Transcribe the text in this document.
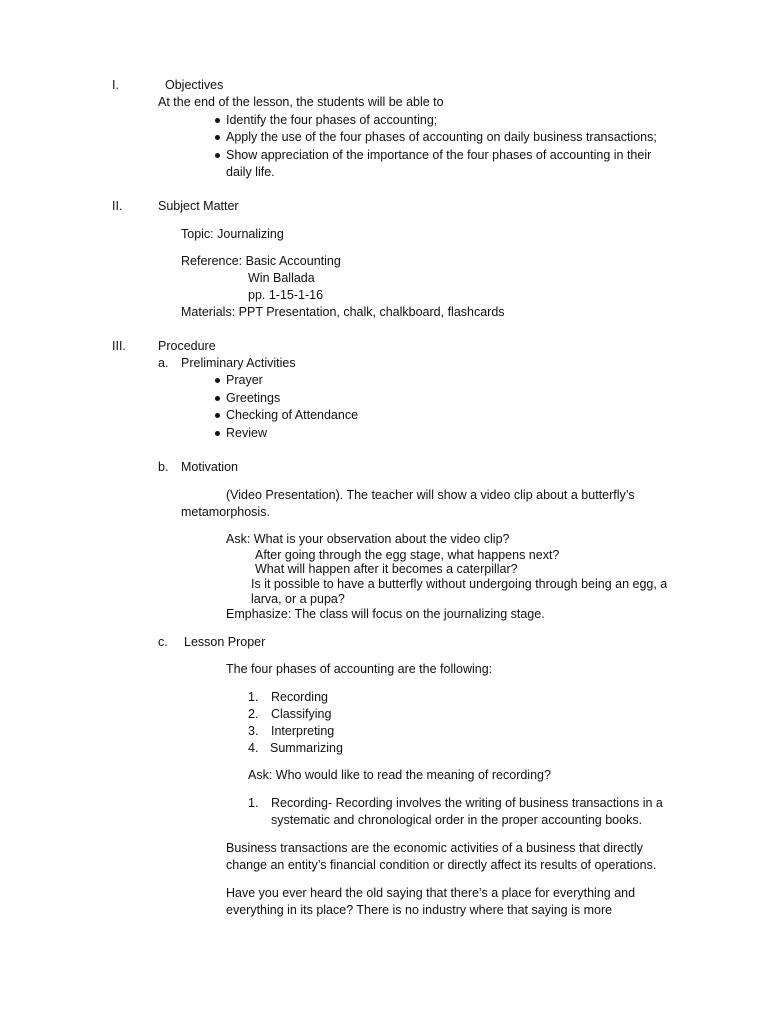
I.	Objectives
At the end of the lesson, the students will be able to
Identify the four phases of accounting;
Apply the use of the four phases of accounting on daily business transactions;
Show appreciation of the importance of the four phases of accounting in their
daily life.
II.	Subject Matter
Topic: Journalizing
Reference: Basic Accounting
Win Ballada
pp. 1-15-1-16
Materials: PPT Presentation, chalk, chalkboard, flashcards
III.	Procedure
a. Preliminary Activities
Prayer
Greetings
Checking of Attendance
Review
b. Motivation
(Video Presentation). The teacher will show a video clip about a butterfly’s
metamorphosis.
Ask: What is your observation about the video clip?
After going through the egg stage, what happens next?
What will happen after it becomes a caterpillar?
Is it possible to have a butterfly without undergoing through being an egg, a
larva, or a pupa?
Emphasize: The class will focus on the journalizing stage.
c. Lesson Proper
The four phases of accounting are the following:
1. Recording
2. Classifying
3. Interpreting
4. Summarizing
Ask: Who would like to read the meaning of recording?
1. Recording- Recording involves the writing of business transactions in a
systematic and chronological order in the proper accounting books.
Business transactions are the economic activities of a business that directly
change an entity’s financial condition or directly affect its results of operations.
Have you ever heard the old saying that there’s a place for everything and
everything in its place? There is no industry where that saying is more
